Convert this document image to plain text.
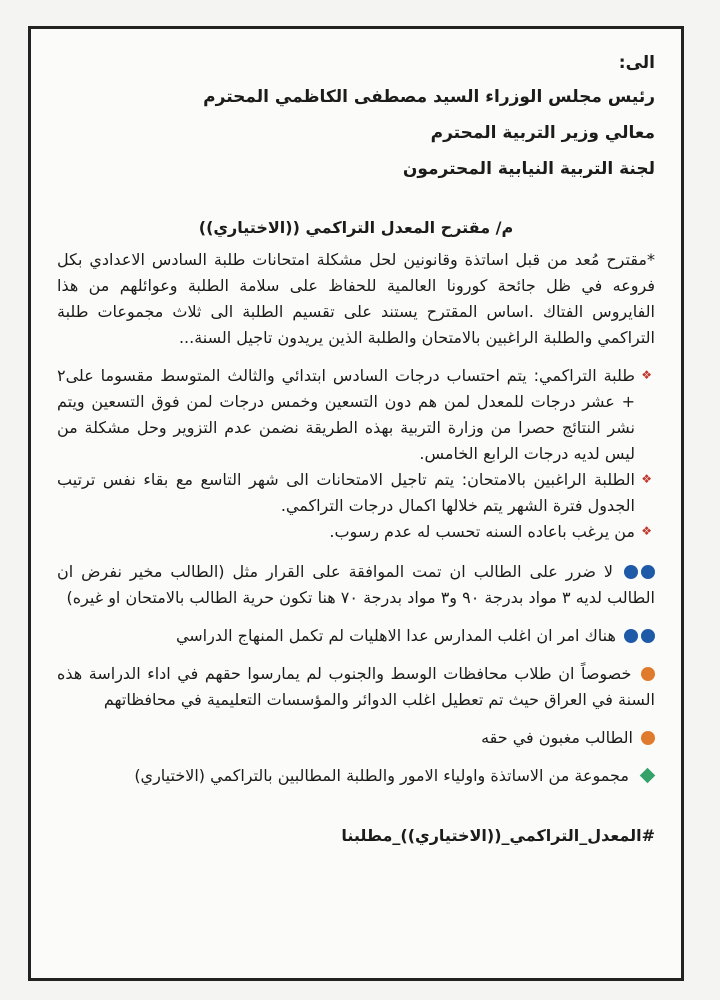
الى:
رئيس مجلس الوزراء السيد مصطفى الكاظمي المحترم
معالي وزير التربية المحترم
لجنة التربية النيابية المحترمون
م/ مقترح المعدل التراكمي ((الاختياري))

*مقترح مُعد من قبل اساتذة وقانونين لحل مشكلة امتحانات طلبة السادس الاعدادي بكل فروعه في ظل جائحة كورونا العالمية للحفاظ على سلامة الطلبة وعوائلهم من هذا الفايروس الفتاك .اساس المقترح يستند على تقسيم الطلبة الى ثلاث مجموعات طلبة التراكمي والطلبة الراغبين بالامتحان والطلبة الذين يريدون تاجيل السنة...

❖
طلبة التراكمي: يتم احتساب درجات السادس ابتدائي والثالث المتوسط مقسوما على٢ + عشر درجات للمعدل لمن هم دون التسعين وخمس درجات لمن فوق التسعين ويتم نشر النتائج حصرا من وزارة التربية بهذه الطريقة نضمن عدم التزوير وحل مشكلة من ليس لديه درجات الرابع الخامس.

❖
الطلبة الراغبين بالامتحان: يتم تاجيل الامتحانات الى شهر التاسع مع بقاء نفس ترتيب الجدول فترة الشهر يتم خلالها اكمال درجات التراكمي.

❖
من يرغب باعاده السنه تحسب له عدم رسوب.

لا ضرر على الطالب ان تمت الموافقة على القرار مثل (الطالب مخير نفرض ان الطالب لديه ٣ مواد بدرجة ٩٠ و٣ مواد بدرجة ٧٠ هنا تكون حرية الطالب بالامتحان او غيره)

هناك امر ان اغلب المدارس عدا الاهليات لم تكمل المنهاج الدراسي

خصوصاً ان طلاب محافظات الوسط والجنوب لم يمارسوا حقهم في اداء الدراسة هذه السنة في العراق حيث تم تعطيل اغلب الدوائر والمؤسسات التعليمية في محافظاتهم

الطالب مغبون في حقه

مجموعة من الاساتذة واولياء الامور والطلبة المطالبين بالتراكمي (الاختياري)

#المعدل_التراكمي_((الاختياري))_مطلبنا
